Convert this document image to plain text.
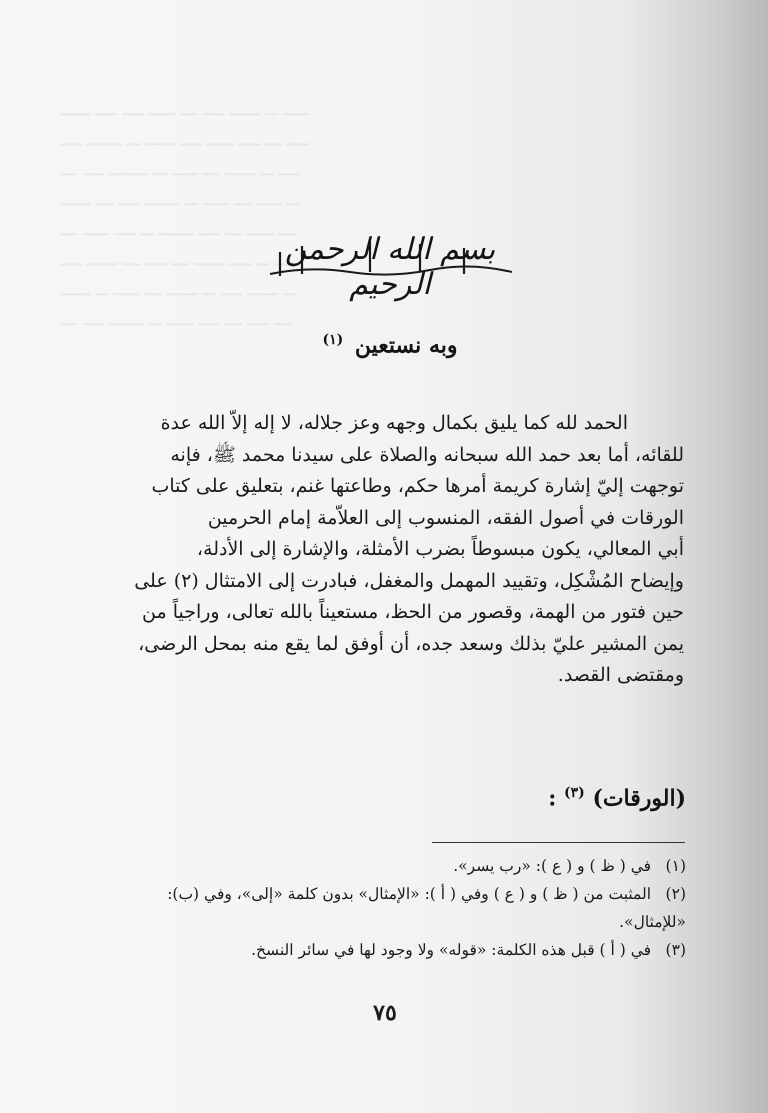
ـــــــ ـــــ ـــــ ــــــ ــــ ـــــ ـــــــ ـــ ــــــ

ـــــ ــــــــ ـــ ـــــــ ـــــ ــــــ ـــــ ــــ ـــــ

ــــ ـــــ ـــــــــ ـــ ــــــ ــــ ـــــــ ـــ ـــــ

ـــــــ ــــ ـــــ ــــــــ ـــ ــــــ ــــ ــــــ ـــ

ــــ ــــــ ـــــ ـــ ــــــــ ـــــ ــــ ــــــ ــــ

ـــــ ـــــــ ــــ ـــــ ــــ ـــــــ ـــــ ـــ ـــــ

ـــــــ ـــ ــــــ ــــ ـــــــ ـــ ـــــ ـــــــ ـــ

ــــ ـــــ ــــــــ ـــ ــــــ ـــــ ــــ ـــــ ــــ

بسم الله الرحمن الرحيم
وبه نستعين $^{(١)}$

الحمد لله كما يليق بكمال وجهه وعز جلاله، لا إله إلاّ الله عدة

للقائه، أما بعد حمد الله سبحانه والصلاة على سيدنا محمد ﷺ، فإنه

توجهت إليّ إشارة كريمة أمرها حكم، وطاعتها غنم، بتعليق على كتاب

الورقات في أصول الفقه، المنسوب إلى العلاّمة إمام الحرمين

أبي المعالي، يكون مبسوطاً بضرب الأمثلة، والإشارة إلى الأدلة،

وإيضاح المُشْكِل، وتقييد المهمل والمغفل، فبادرت إلى الامتثال (٢) على

حين فتور من الهمة، وقصور من الحظ، مستعيناً بالله تعالى، وراجياً من

يمن المشير عليّ بذلك وسعد جده، أن أوفق لما يقع منه بمحل الرضى،

ومقتضى القصد.

(الورقات) $^{(٣)}$ :

(١) في ( ظ ) و ( ع ): «رب يسر».

(٢) المثبت من ( ظ ) و ( ع ) وفي ( أ ): «الإمثال» بدون كلمة «إلى»، وفي (ب):

«للإمثال».

(٣) في ( أ ) قبل هذه الكلمة: «قوله» ولا وجود لها في سائر النسخ.

٧٥
